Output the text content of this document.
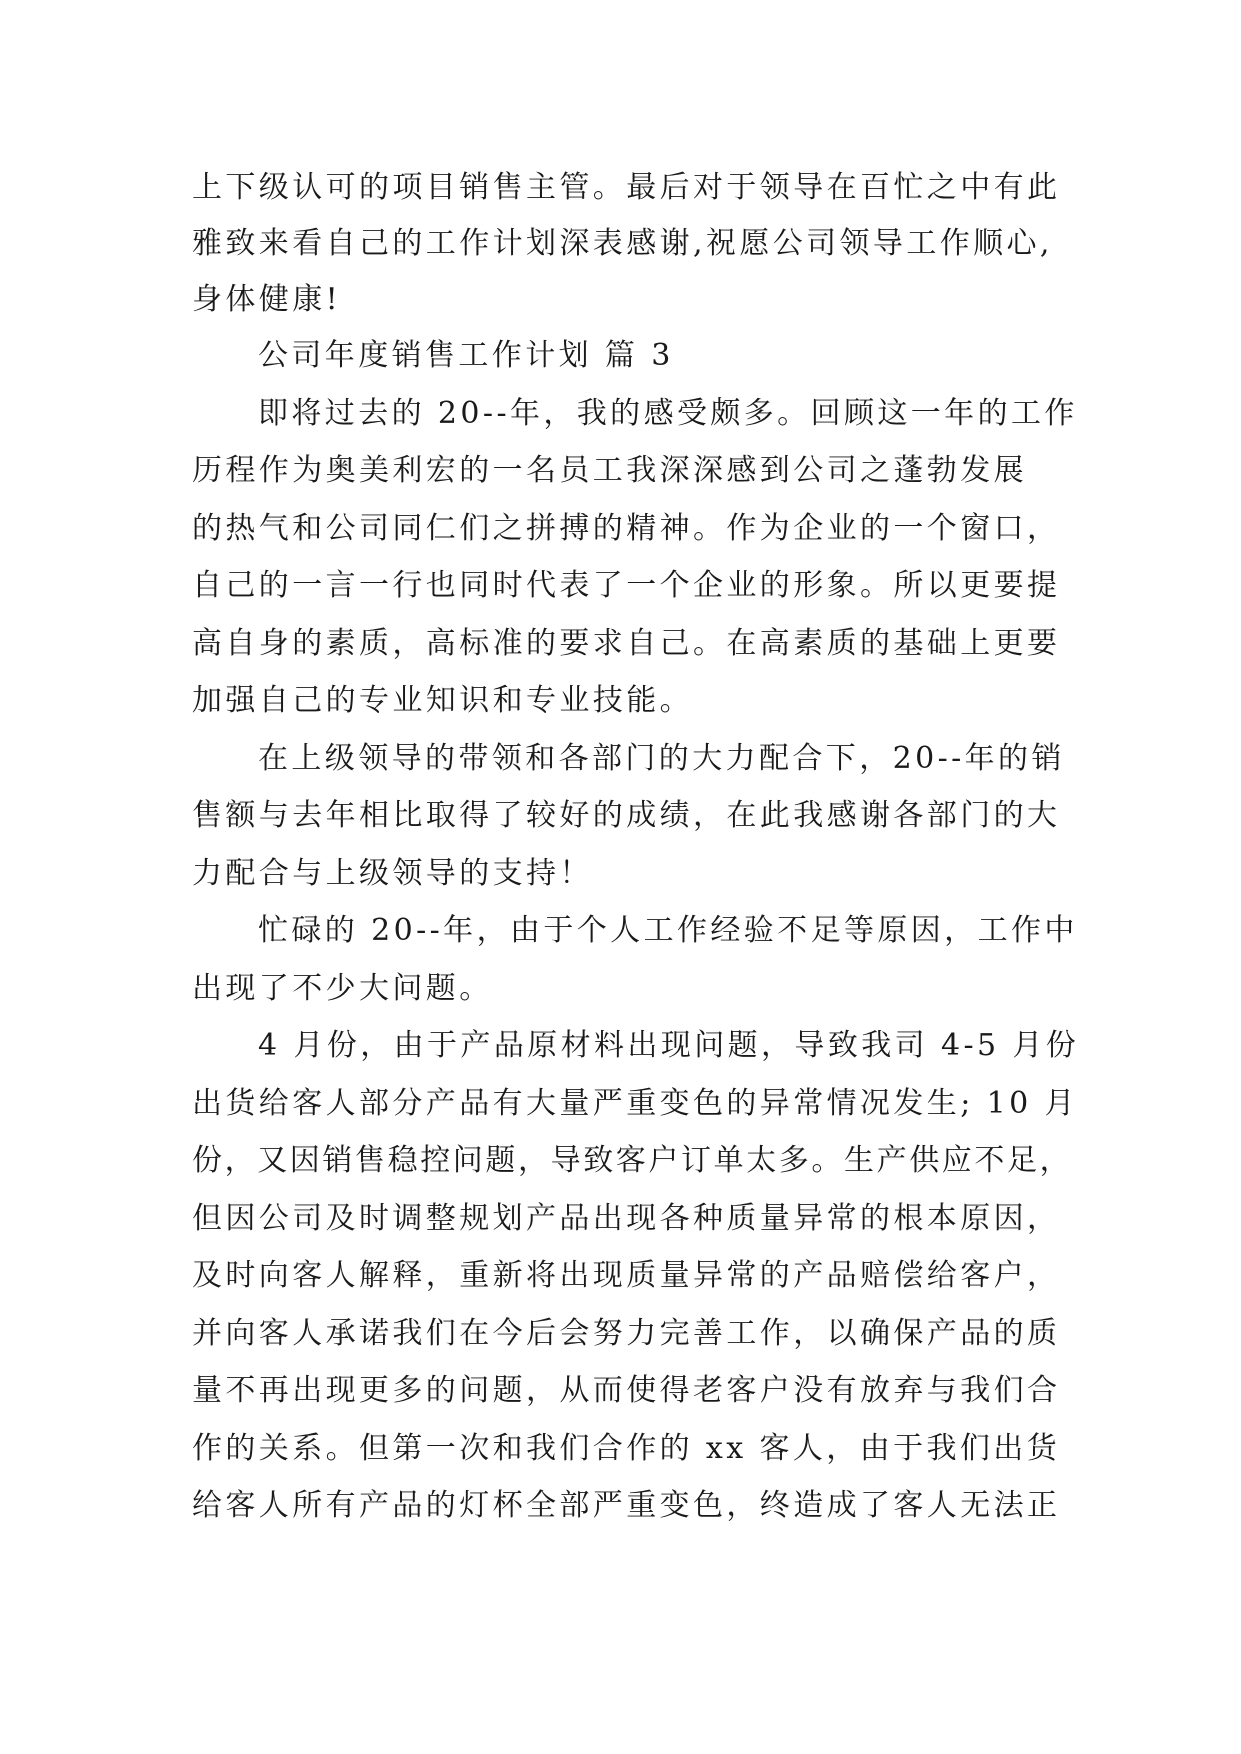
上下级认可的项目销售主管。最后对于领导在百忙之中有此

雅致来看自己的工作计划深表感谢,祝愿公司领导工作顺心,

身体健康!

公司年度销售工作计划 篇 3

即将过去的 20--年，我的感受颇多。回顾这一年的工作

历程作为奥美利宏的一名员工我深深感到公司之蓬勃发展

的热气和公司同仁们之拼搏的精神。作为企业的一个窗口，

自己的一言一行也同时代表了一个企业的形象。所以更要提

高自身的素质，高标准的要求自己。在高素质的基础上更要

加强自己的专业知识和专业技能。

在上级领导的带领和各部门的大力配合下，20--年的销

售额与去年相比取得了较好的成绩，在此我感谢各部门的大

力配合与上级领导的支持！

忙碌的 20--年，由于个人工作经验不足等原因，工作中

出现了不少大问题。

4 月份，由于产品原材料出现问题，导致我司 4-5 月份

出货给客人部分产品有大量严重变色的异常情况发生; 10 月

份，又因销售稳控问题，导致客户订单太多。生产供应不足，

但因公司及时调整规划产品出现各种质量异常的根本原因，

及时向客人解释，重新将出现质量异常的产品赔偿给客户，

并向客人承诺我们在今后会努力完善工作，以确保产品的质

量不再出现更多的问题，从而使得老客户没有放弃与我们合

作的关系。但第一次和我们合作的 xx 客人，由于我们出货

给客人所有产品的灯杯全部严重变色，终造成了客人无法正
